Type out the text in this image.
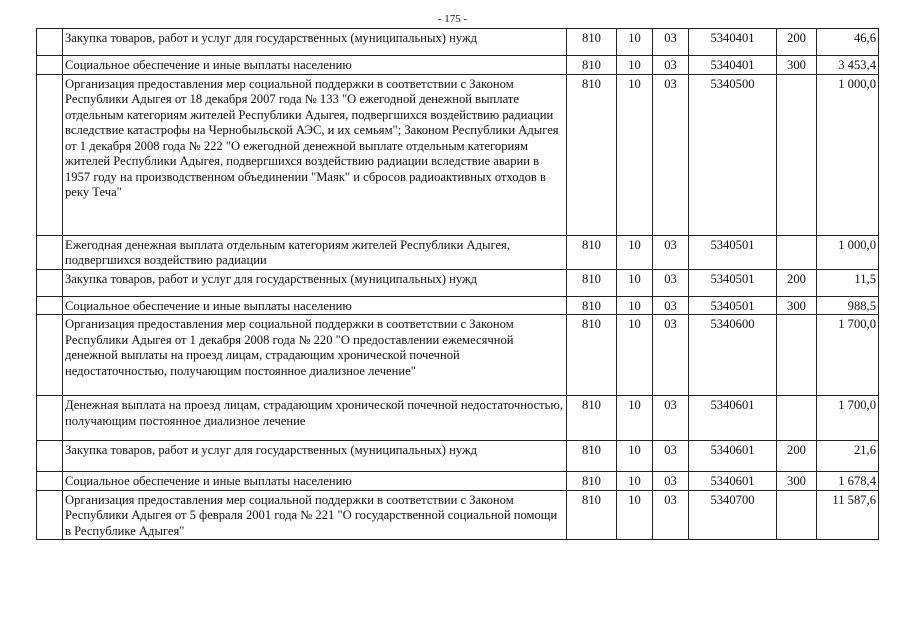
- 175 -
	Закупка товаров, работ и услуг для государственных (муниципальных) нужд	810	10	03	5340401	200	46,6
	Социальное обеспечение и иные выплаты населению	810	10	03	5340401	300	3 453,4
	Организация предоставления мер социальной поддержки в соответствии с Законом Республики Адыгея от 18 декабря 2007 года № 133 "О ежегодной денежной выплате отдельным категориям жителей Республики Адыгея, подвергшихся воздействию радиации вследствие катастрофы на Чернобыльской АЭС, и их семьям"; Законом Республики Адыгея от 1 декабря 2008 года № 222 "О ежегодной денежной выплате отдельным категориям жителей Республики Адыгея, подвергшихся воздействию радиации вследствие аварии в 1957 году на производственном объединении "Маяк" и сбросов радиоактивных отходов в реку Теча"	810	10	03	5340500		1 000,0
	Ежегодная денежная выплата отдельным категориям жителей Республики Адыгея, подвергшихся воздействию радиации	810	10	03	5340501		1 000,0
	Закупка товаров, работ и услуг для государственных (муниципальных) нужд	810	10	03	5340501	200	11,5
	Социальное обеспечение и иные выплаты населению	810	10	03	5340501	300	988,5
	Организация предоставления мер социальной поддержки в соответствии с Законом Республики Адыгея от 1 декабря 2008 года № 220 "О предоставлении ежемесячной денежной выплаты на проезд лицам, страдающим хронической почечной недостаточностью, получающим постоянное диализное лечение"	810	10	03	5340600		1 700,0
	Денежная выплата на проезд лицам, страдающим хронической почечной недостаточностью, получающим постоянное диализное лечение	810	10	03	5340601		1 700,0
	Закупка товаров, работ и услуг для государственных (муниципальных) нужд	810	10	03	5340601	200	21,6
	Социальное обеспечение и иные выплаты населению	810	10	03	5340601	300	1 678,4
	Организация предоставления мер социальной поддержки в соответствии с Законом Республики Адыгея от 5 февраля 2001 года № 221 "О государственной социальной помощи в Республике Адыгея"	810	10	03	5340700		11 587,6
